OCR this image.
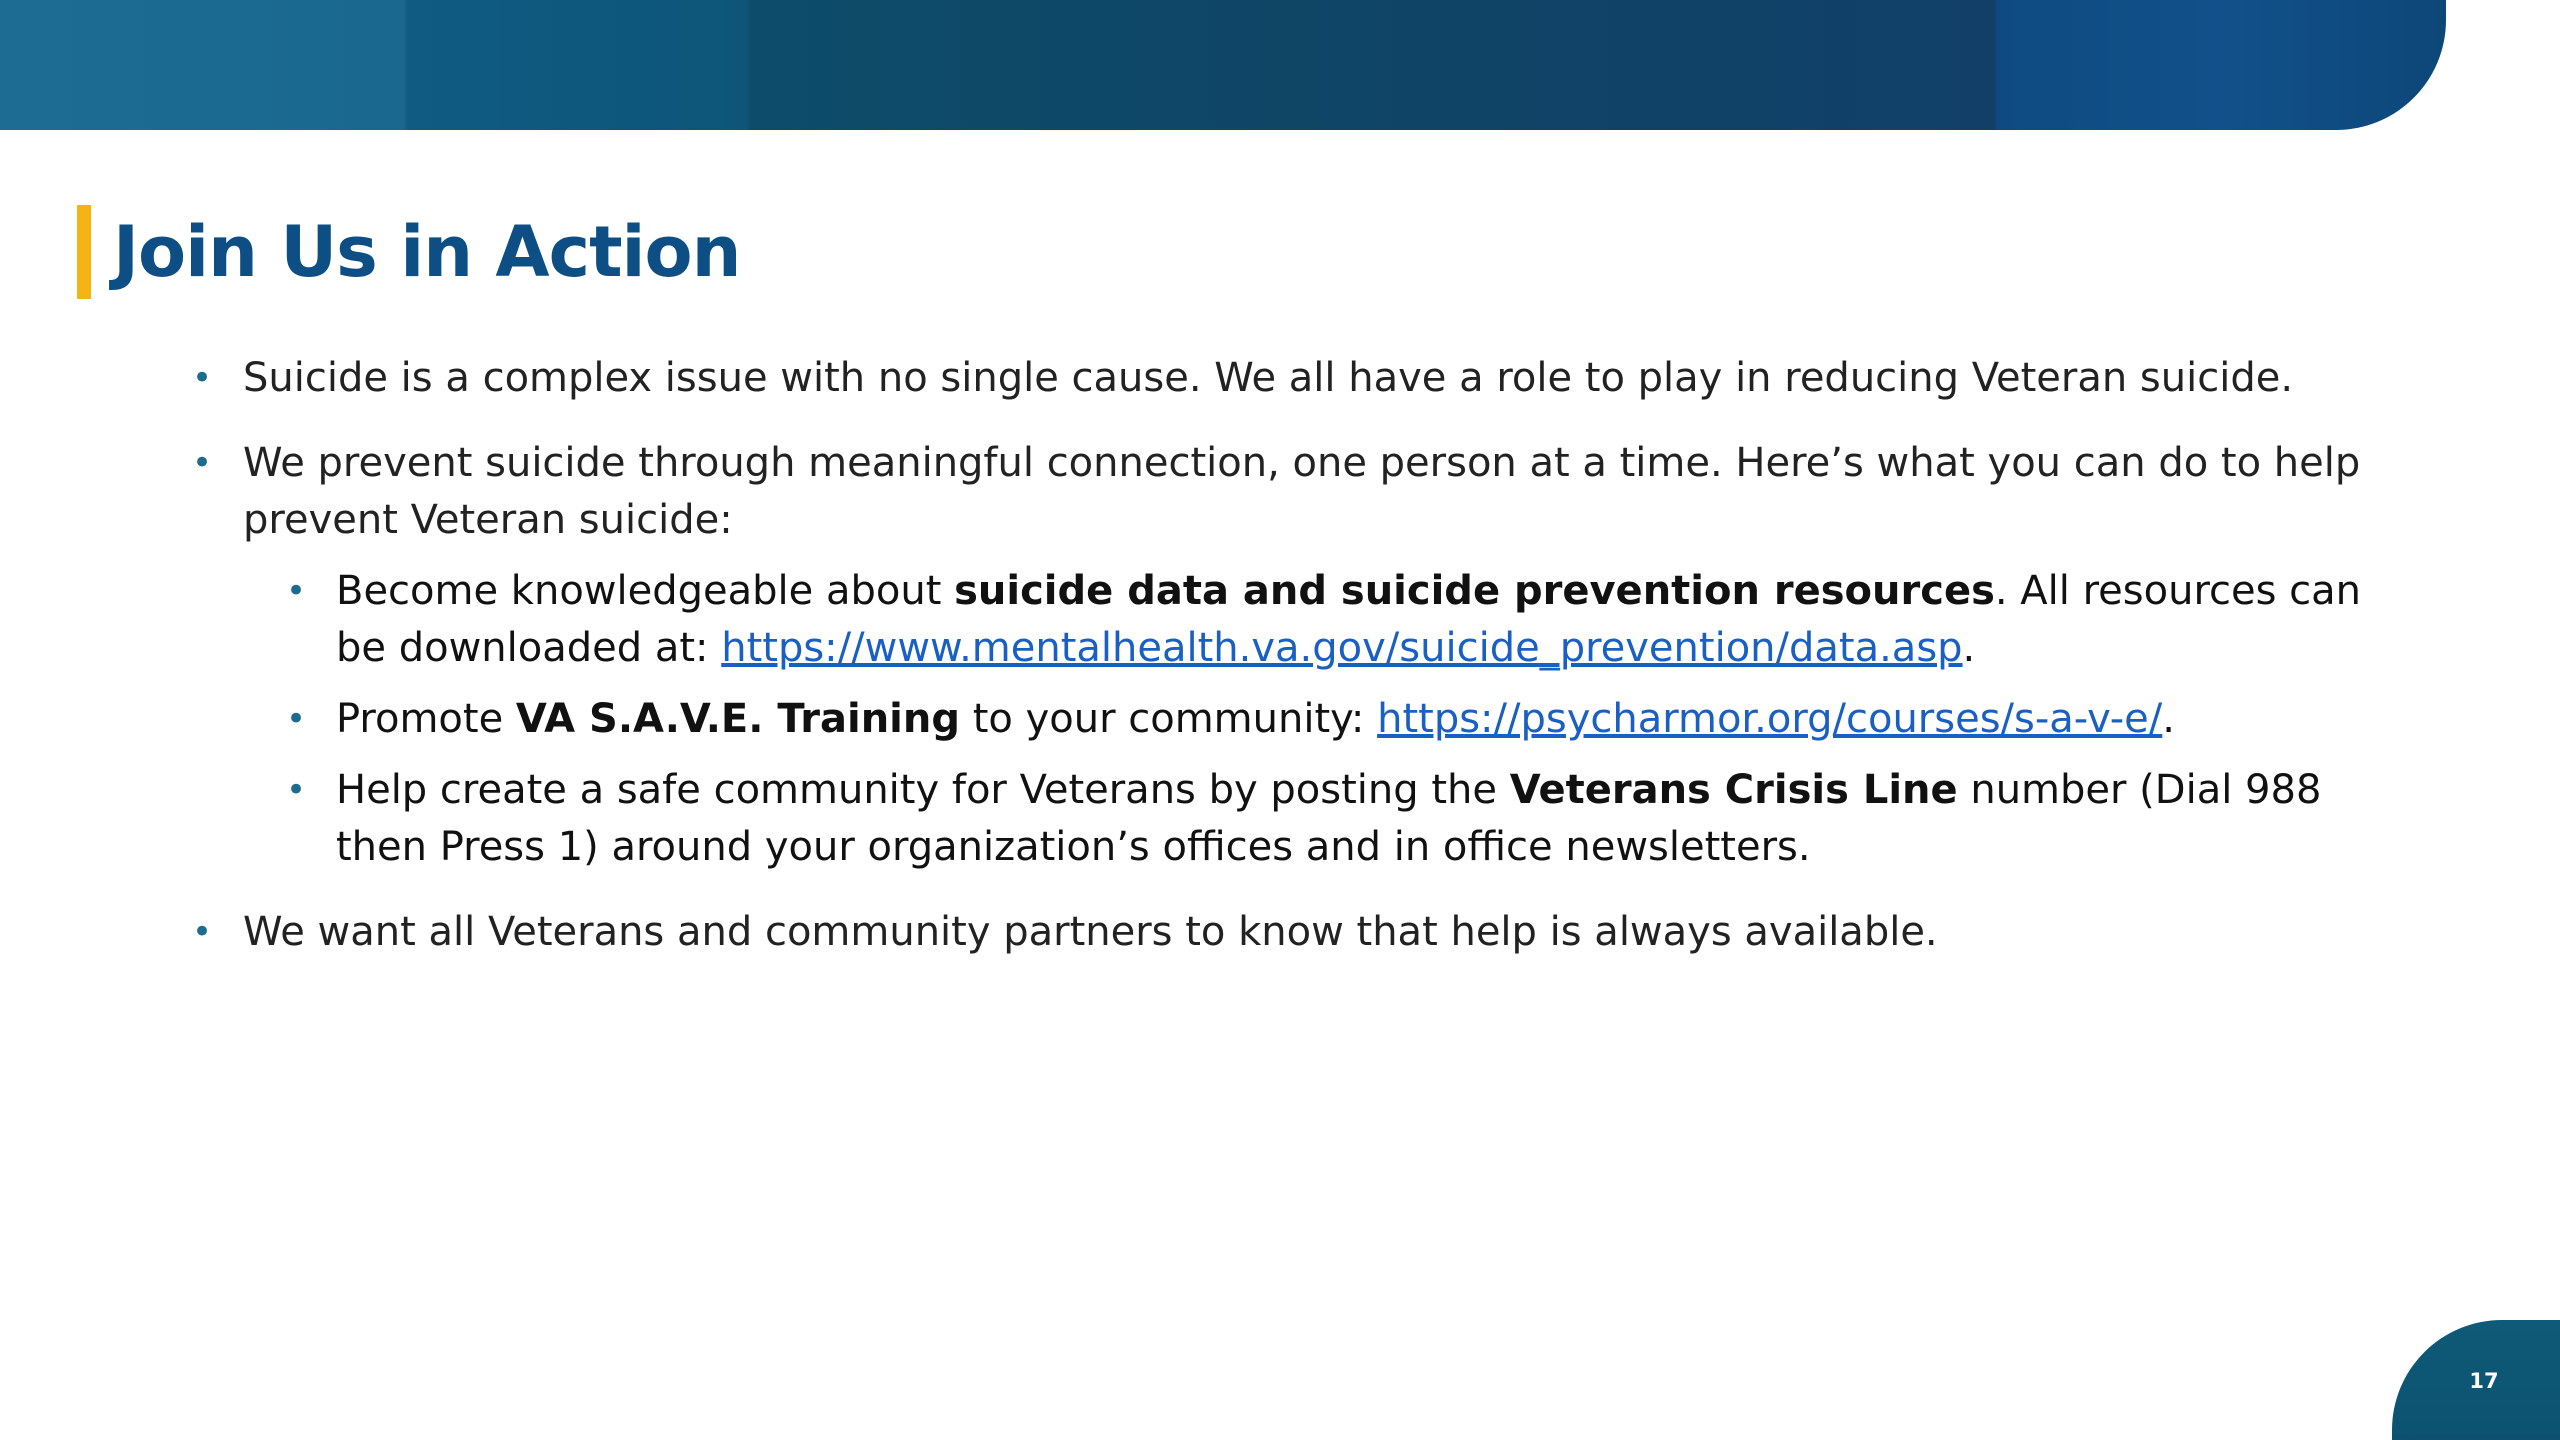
Join Us in Action
• Suicide is a complex issue with no single cause. We all have a role to play in reducing Veteran suicide.
• We prevent suicide through meaningful connection, one person at a time. Here’s what you can do to help prevent Veteran suicide:
• Become knowledgeable about suicide data and suicide prevention resources. All resources can be downloaded at: https://www.mentalhealth.va.gov/suicide_prevention/data.asp.
• Promote VA S.A.V.E. Training to your community: https://psycharmor.org/courses/s-a-v-e/.
• Help create a safe community for Veterans by posting the Veterans Crisis Line number (Dial 988 then Press 1) around your organization’s offices and in office newsletters.
• We want all Veterans and community partners to know that help is always available.
17
